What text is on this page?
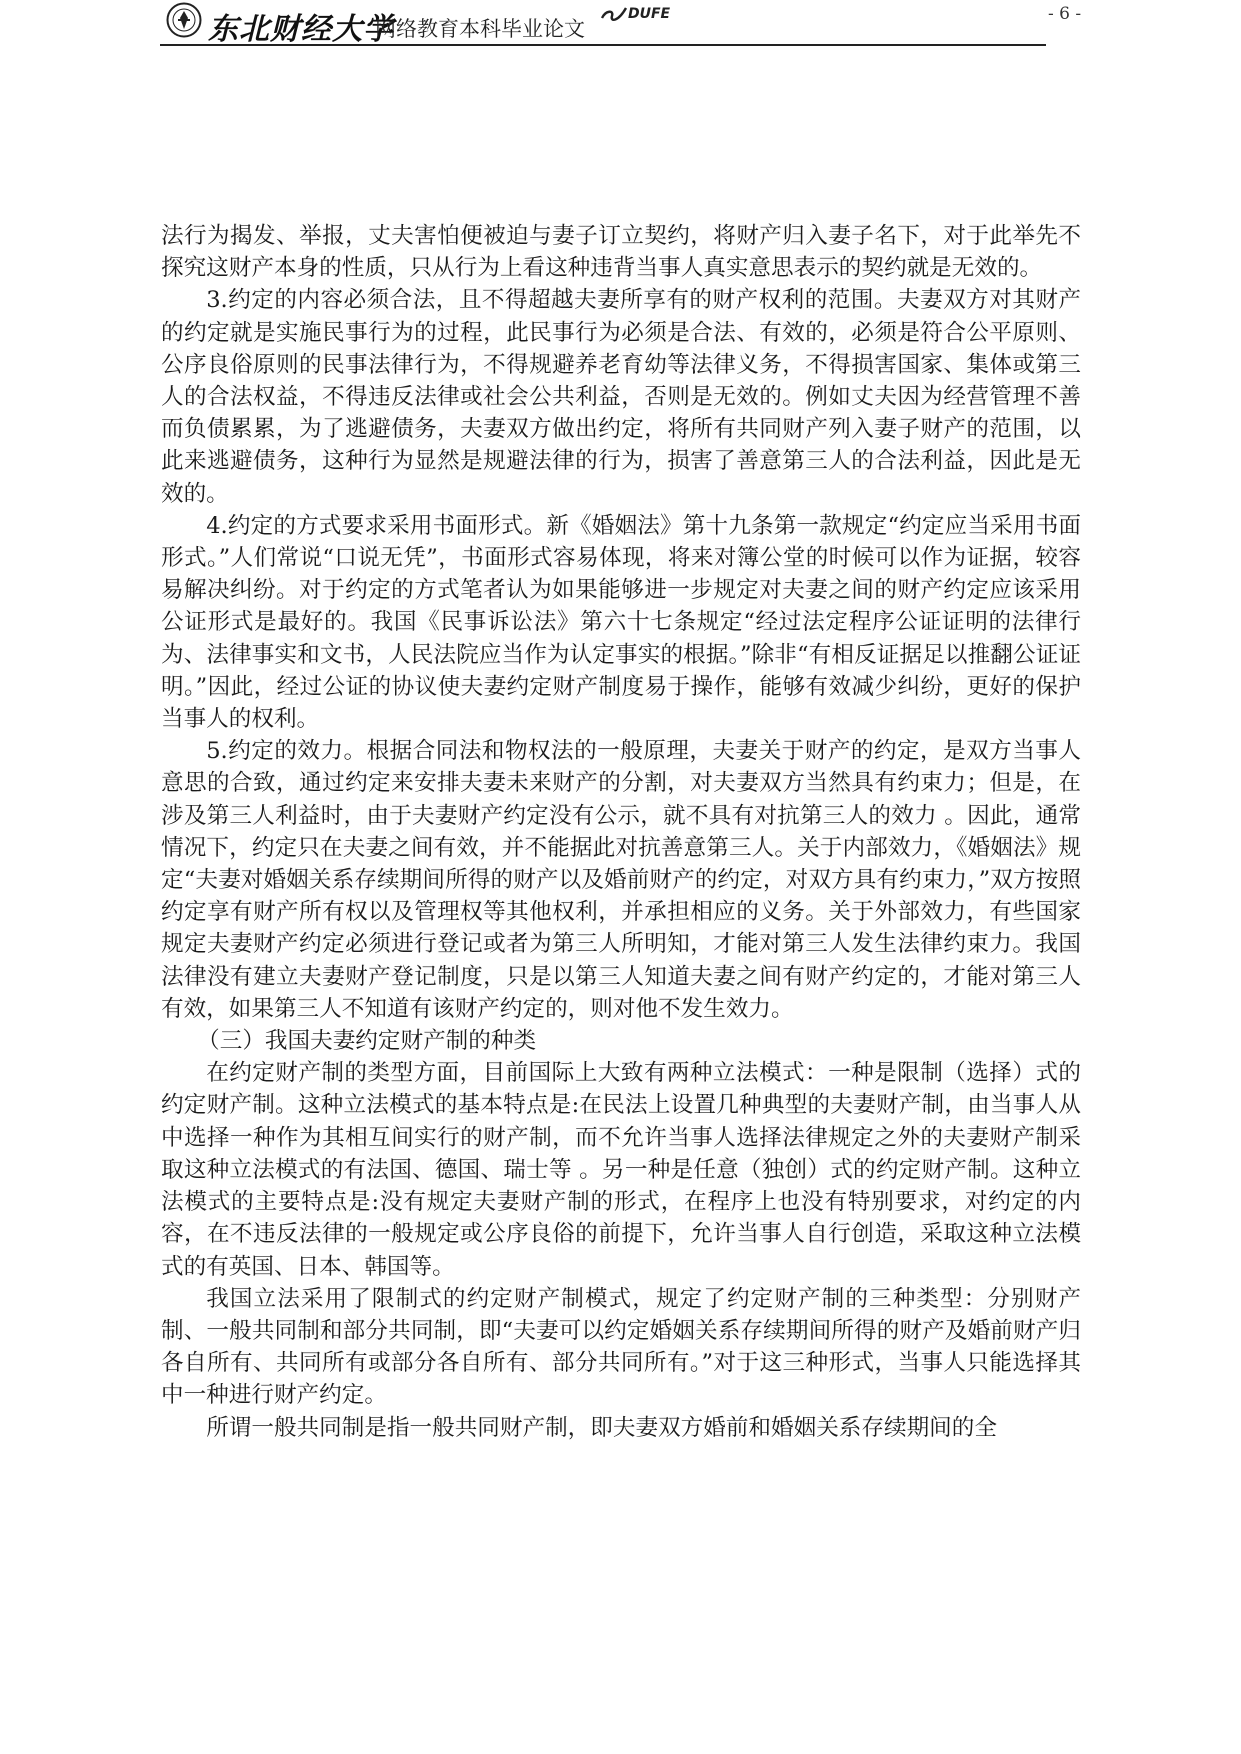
东北财经大学
网络教育本科毕业论文
DUFE	- 6 -

法行为揭发、举报，丈夫害怕便被迫与妻子订立契约，将财产归入妻子名下，对于此举先不探究这财产本身的性质，只从行为上看这种违背当事人真实意思表示的契约就是无效的。

3.约定的内容必须合法，且不得超越夫妻所享有的财产权利的范围。夫妻双方对其财产的约定就是实施民事行为的过程，此民事行为必须是合法、有效的，必须是符合公平原则、公序良俗原则的民事法律行为，不得规避养老育幼等法律义务，不得损害国家、集体或第三人的合法权益，不得违反法律或社会公共利益，否则是无效的。例如丈夫因为经营管理不善而负债累累，为了逃避债务，夫妻双方做出约定，将所有共同财产列入妻子财产的范围，以此来逃避债务，这种行为显然是规避法律的行为，损害了善意第三人的合法利益，因此是无效的。

4.约定的方式要求采用书面形式。新《婚姻法》第十九条第一款规定“约定应当采用书面形式。”人们常说“口说无凭”，书面形式容易体现，将来对簿公堂的时候可以作为证据，较容易解决纠纷。对于约定的方式笔者认为如果能够进一步规定对夫妻之间的财产约定应该采用公证形式是最好的。我国《民事诉讼法》第六十七条规定“经过法定程序公证证明的法律行为、法律事实和文书，人民法院应当作为认定事实的根据。”除非“有相反证据足以推翻公证证明。”因此，经过公证的协议使夫妻约定财产制度易于操作，能够有效减少纠纷，更好的保护当事人的权利。

5.约定的效力。根据合同法和物权法的一般原理，夫妻关于财产的约定，是双方当事人意思的合致，通过约定来安排夫妻未来财产的分割，对夫妻双方当然具有约束力；但是，在涉及第三人利益时，由于夫妻财产约定没有公示，就不具有对抗第三人的效力 。因此，通常情况下，约定只在夫妻之间有效，并不能据此对抗善意第三人。关于内部效力，《婚姻法》规定“夫妻对婚姻关系存续期间所得的财产以及婚前财产的约定，对双方具有约束力，”双方按照约定享有财产所有权以及管理权等其他权利，并承担相应的义务。关于外部效力，有些国家规定夫妻财产约定必须进行登记或者为第三人所明知，才能对第三人发生法律约束力。我国法律没有建立夫妻财产登记制度，只是以第三人知道夫妻之间有财产约定的，才能对第三人有效，如果第三人不知道有该财产约定的，则对他不发生效力。

（三）我国夫妻约定财产制的种类

在约定财产制的类型方面，目前国际上大致有两种立法模式：一种是限制（选择）式的约定财产制。这种立法模式的基本特点是:在民法上设置几种典型的夫妻财产制，由当事人从中选择一种作为其相互间实行的财产制，而不允许当事人选择法律规定之外的夫妻财产制采取这种立法模式的有法国、德国、瑞士等 。另一种是任意（独创）式的约定财产制。这种立法模式的主要特点是:没有规定夫妻财产制的形式，在程序上也没有特别要求，对约定的内容，在不违反法律的一般规定或公序良俗的前提下，允许当事人自行创造，采取这种立法模式的有英国、日本、韩国等。

我国立法采用了限制式的约定财产制模式，规定了约定财产制的三种类型：分别财产制、一般共同制和部分共同制，即“夫妻可以约定婚姻关系存续期间所得的财产及婚前财产归各自所有、共同所有或部分各自所有、部分共同所有。”对于这三种形式，当事人只能选择其中一种进行财产约定。

所谓一般共同制是指一般共同财产制，即夫妻双方婚前和婚姻关系存续期间的全
